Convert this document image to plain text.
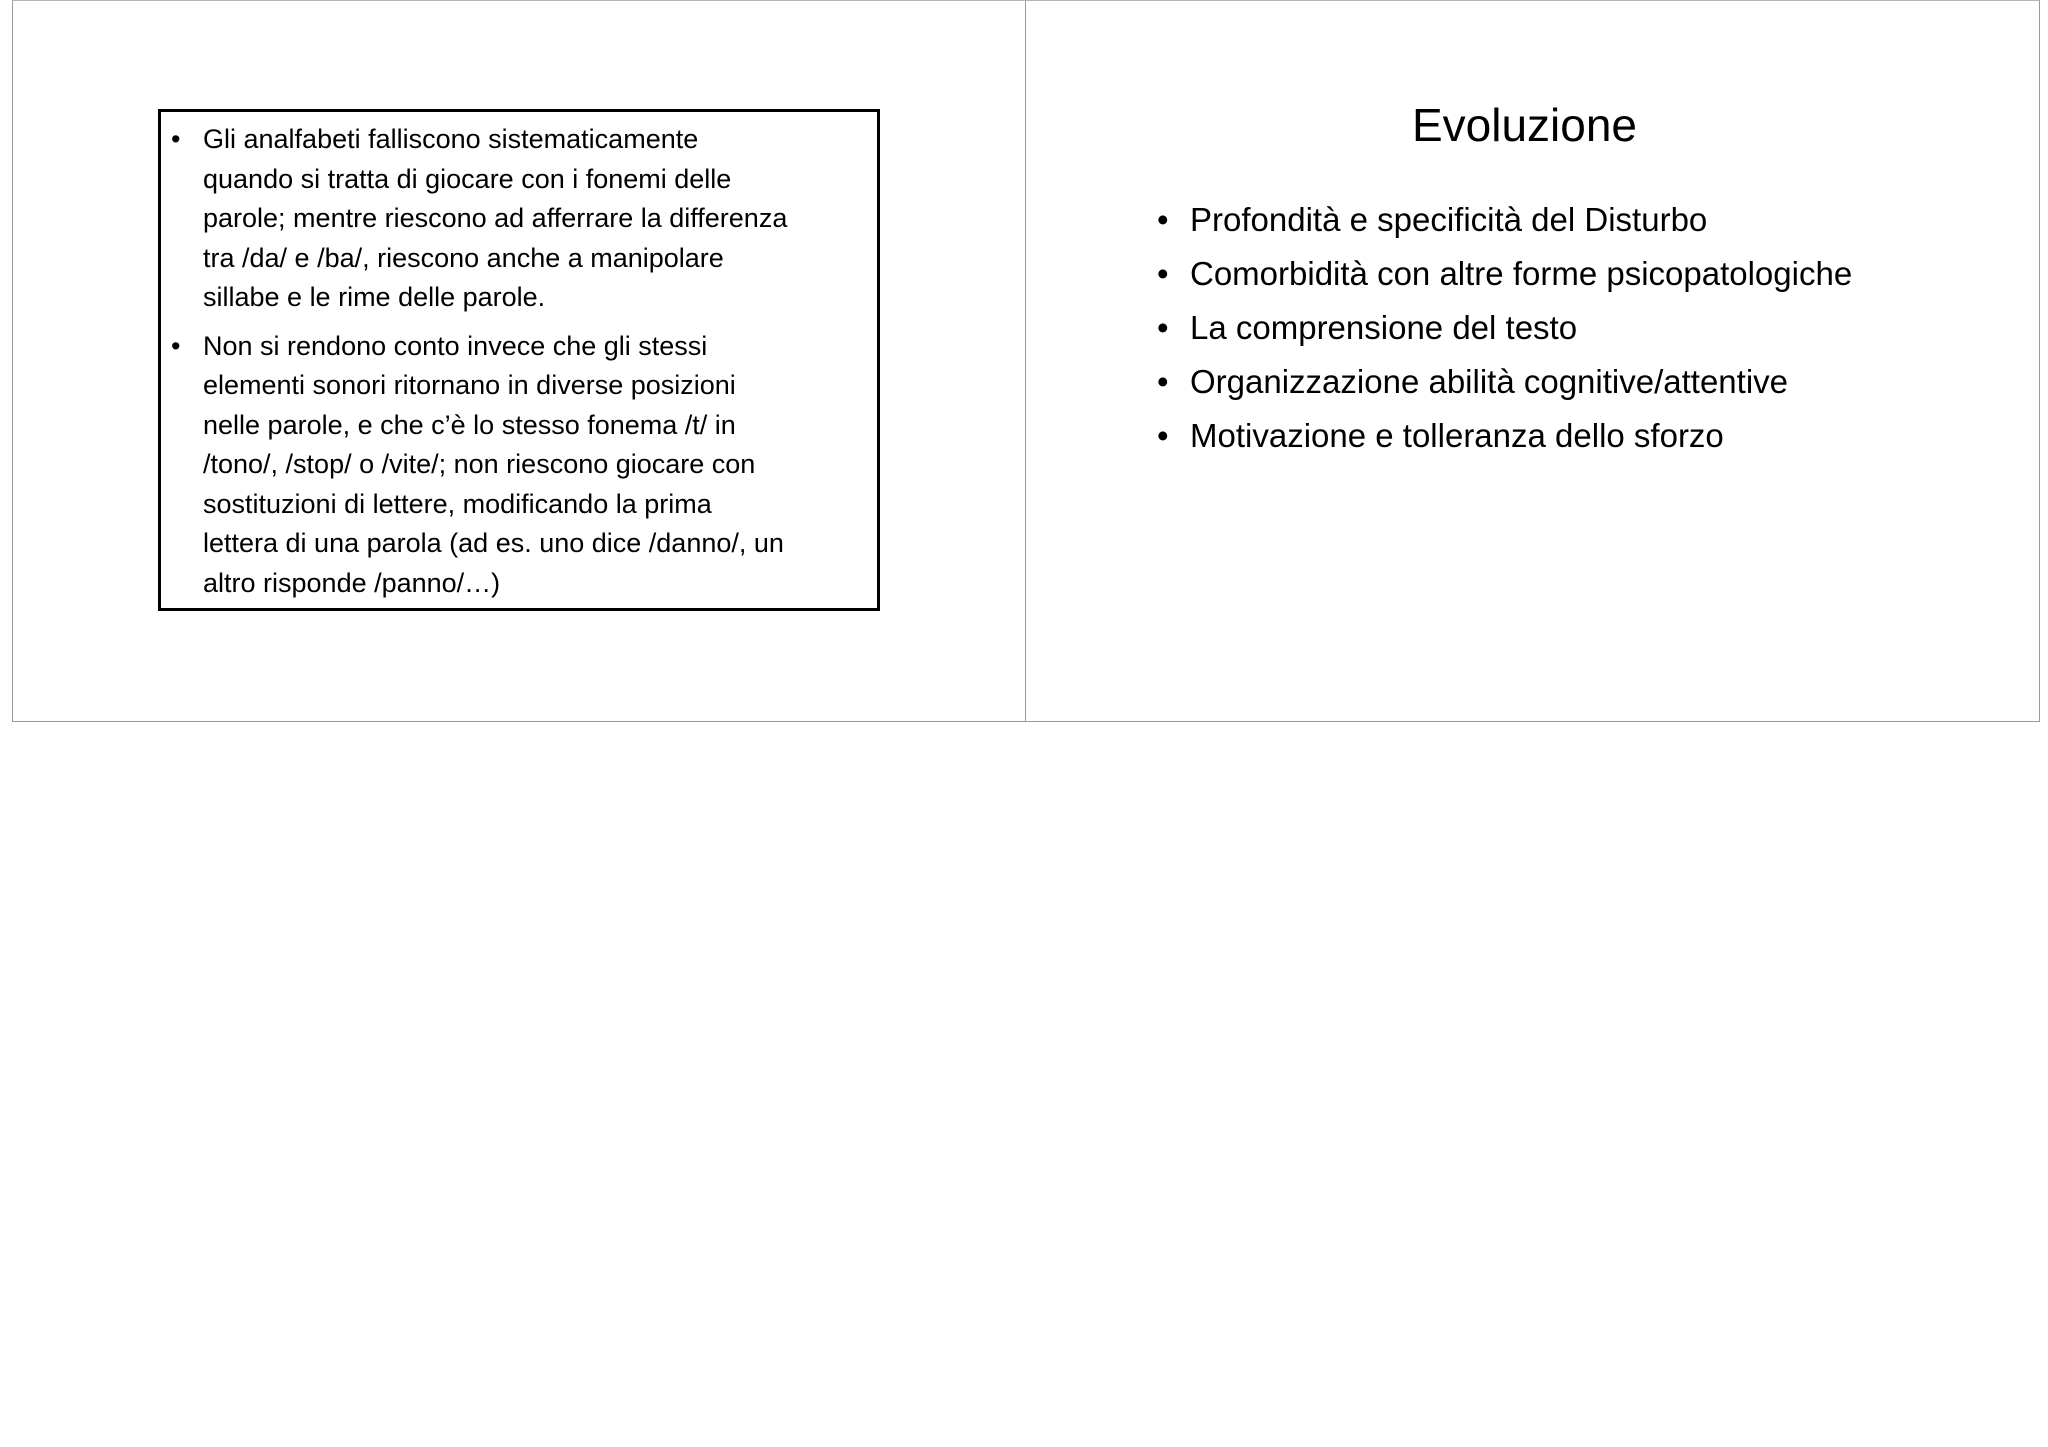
• Gli analfabeti falliscono sistematicamente
quando si tratta di giocare con i fonemi delle
parole; mentre riescono ad afferrare la differenza
tra /da/ e /ba/, riescono anche a manipolare
sillabe e le rime delle parole.
• Non si rendono conto invece che gli stessi
elementi sonori ritornano in diverse posizioni
nelle parole, e che c’è lo stesso fonema /t/ in
/tono/, /stop/ o /vite/; non riescono giocare con
sostituzioni di lettere, modificando la prima
lettera di una parola (ad es. uno dice /danno/, un
altro risponde /panno/…)
Evoluzione
• Profondità e specificità del Disturbo
• Comorbidità con altre forme psicopatologiche
• La comprensione del testo
• Organizzazione abilità cognitive/attentive
• Motivazione e tolleranza dello sforzo
